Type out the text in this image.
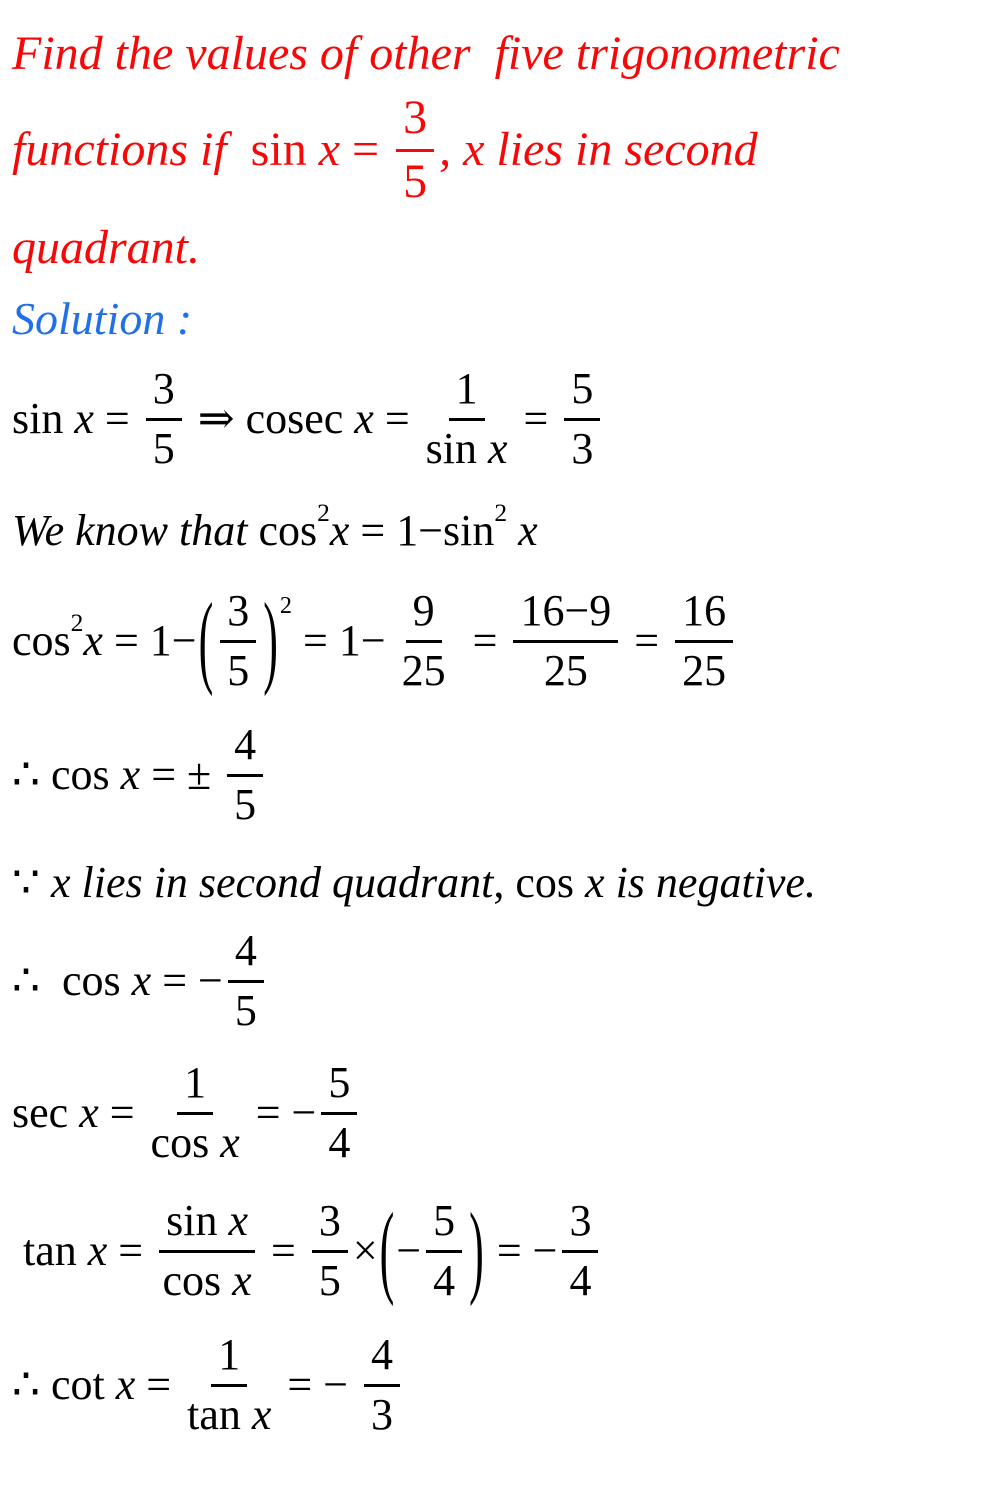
Find the values of other  five trigonometric
functions if $\sin x = \frac{3}{5}$ , x lies in second
quadrant.
Solution :
$\sin x = \frac{3}{5}$ ⇒ cosec $x = \frac{1}{\text{sin x}} = \frac{5}{3}$
We know that cos 2 x = 1−sin 2 x
cos 2 x = 1− ( $\frac{3}{5}$ ) 2
= $1- \frac{9}{25} = \frac{16-9}{25} = \frac{16}{25}$
∴ cos x = ± $\frac{4}{5}$
∵ x lies in second quadrant , cos x is negative.
∴  cos x = − $\frac{4}{5}$
$\sec x = \frac{1}{\text{cos x}}$ = − $\frac{5}{4}$
$\tan x = \frac{\text{sin x}}{\text{cos x}} = \frac{3}{5}$ × ( − $\frac{5}{4}$ ) = − $\frac{3}{4}$
∴ $\cot x = \frac{1}{\text{tan x}}$ = − $\frac{4}{3}$
